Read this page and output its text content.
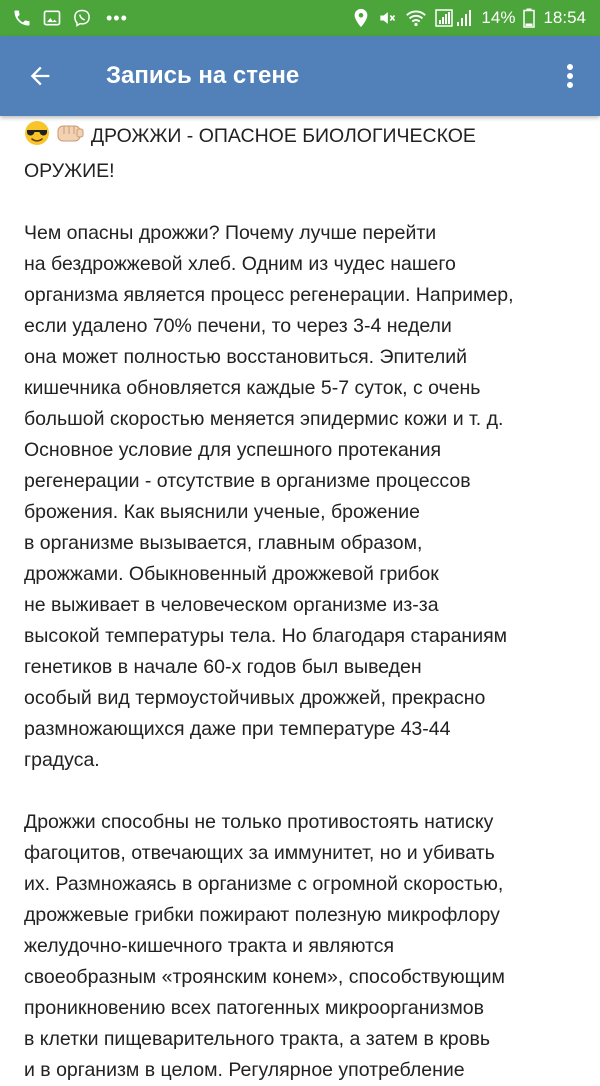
•••	14% 18:54
Запись на стене
ДРОЖЖИ - ОПАСНОЕ БИОЛОГИЧЕСКОЕ
ОРУЖИЕ!
Чем опасны дрожжи? Почему лучше перейти
на бездрожжевой хлеб. Одним из чудес нашего
организма является процесс регенерации. Например,
если удалено 70% печени, то через 3-4 недели
она может полностью восстановиться. Эпителий
кишечника обновляется каждые 5-7 суток, с очень
большой скоростью меняется эпидермис кожи и т. д.
Основное условие для успешного протекания
регенерации - отсутствие в организме процессов
брожения. Как выяснили ученые, брожение
в организме вызывается, главным образом,
дрожжами. Обыкновенный дрожжевой грибок
не выживает в человеческом организме из-за
высокой температуры тела. Но благодаря стараниям
генетиков в начале 60-х годов был выведен
особый вид термоустойчивых дрожжей, прекрасно
размножающихся даже при температуре 43-44
градуса.
Дрожжи способны не только противостоять натиску
фагоцитов, отвечающих за иммунитет, но и убивать
их. Размножаясь в организме с огромной скоростью,
дрожжевые грибки пожирают полезную микрофлору
желудочно-кишечного тракта и являются
своеобразным «троянским конем», способствующим
проникновению всех патогенных микроорганизмов
в клетки пищеварительного тракта, а затем в кровь
и в организм в целом. Регулярное употребление
